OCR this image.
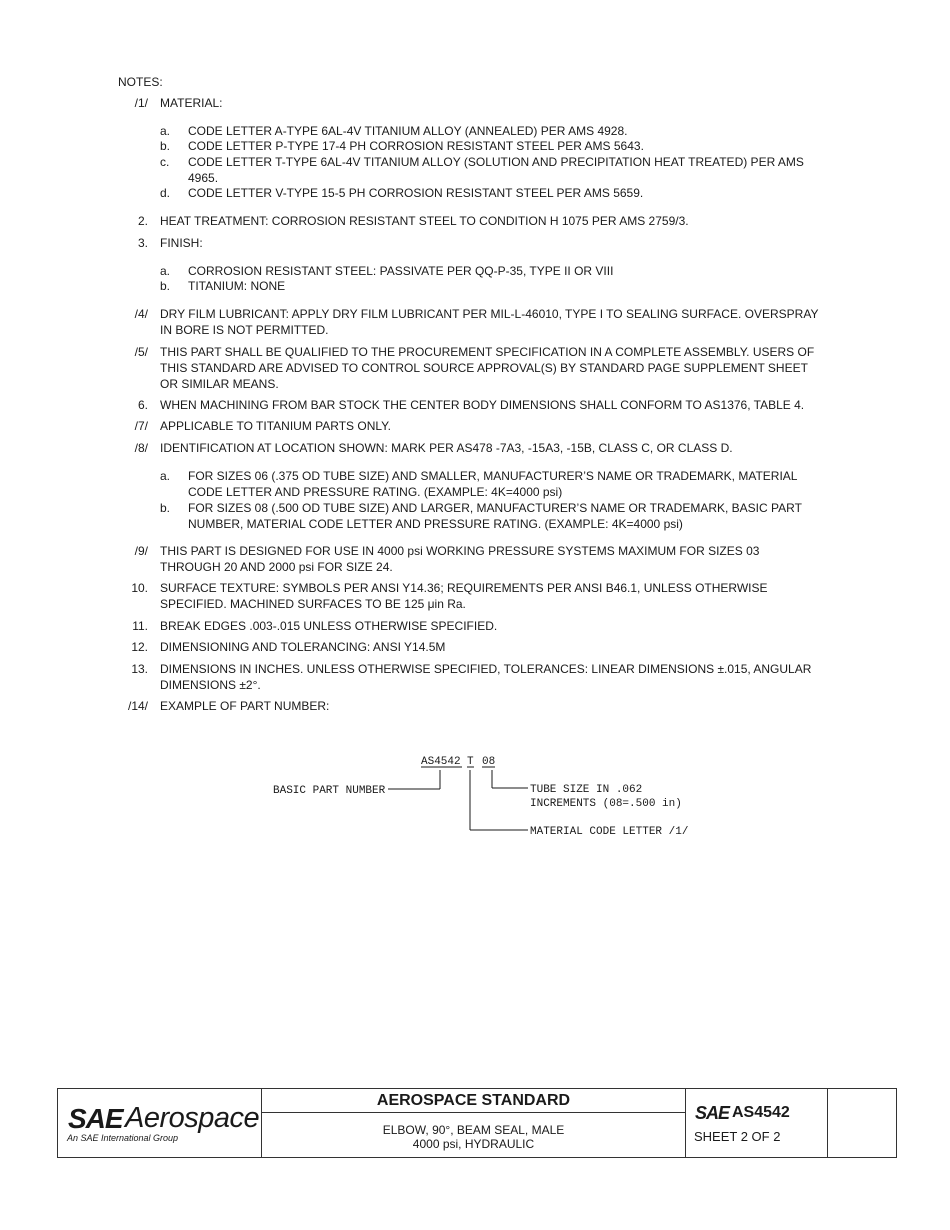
NOTES:
/1/ MATERIAL:
a. CODE LETTER A-TYPE 6AL-4V TITANIUM ALLOY (ANNEALED) PER AMS 4928.
b. CODE LETTER P-TYPE 17-4 PH CORROSION RESISTANT STEEL PER AMS 5643.
c. CODE LETTER T-TYPE 6AL-4V TITANIUM ALLOY (SOLUTION AND PRECIPITATION HEAT TREATED) PER AMS
4965.
d. CODE LETTER V-TYPE 15-5 PH CORROSION RESISTANT STEEL PER AMS 5659.
2. HEAT TREATMENT: CORROSION RESISTANT STEEL TO CONDITION H 1075 PER AMS 2759/3.
3. FINISH:
a. CORROSION RESISTANT STEEL: PASSIVATE PER QQ-P-35, TYPE II OR VIII
b. TITANIUM: NONE
/4/ DRY FILM LUBRICANT: APPLY DRY FILM LUBRICANT PER MIL-L-46010, TYPE I TO SEALING SURFACE. OVERSPRAY
IN BORE IS NOT PERMITTED.
/5/ THIS PART SHALL BE QUALIFIED TO THE PROCUREMENT SPECIFICATION IN A COMPLETE ASSEMBLY. USERS OF
THIS STANDARD ARE ADVISED TO CONTROL SOURCE APPROVAL(S) BY STANDARD PAGE SUPPLEMENT SHEET
OR SIMILAR MEANS.
6. WHEN MACHINING FROM BAR STOCK THE CENTER BODY DIMENSIONS SHALL CONFORM TO AS1376, TABLE 4.
/7/ APPLICABLE TO TITANIUM PARTS ONLY.
/8/ IDENTIFICATION AT LOCATION SHOWN: MARK PER AS478 -7A3, -15A3, -15B, CLASS C, OR CLASS D.
a. FOR SIZES 06 (.375 OD TUBE SIZE) AND SMALLER, MANUFACTURER’S NAME OR TRADEMARK, MATERIAL
CODE LETTER AND PRESSURE RATING. (EXAMPLE: 4K=4000 psi)
b. FOR SIZES 08 (.500 OD TUBE SIZE) AND LARGER, MANUFACTURER’S NAME OR TRADEMARK, BASIC PART
NUMBER, MATERIAL CODE LETTER AND PRESSURE RATING. (EXAMPLE: 4K=4000 psi)
/9/ THIS PART IS DESIGNED FOR USE IN 4000 psi WORKING PRESSURE SYSTEMS MAXIMUM FOR SIZES 03
THROUGH 20 AND 2000 psi FOR SIZE 24.
10. SURFACE TEXTURE: SYMBOLS PER ANSI Y14.36; REQUIREMENTS PER ANSI B46.1, UNLESS OTHERWISE
SPECIFIED. MACHINED SURFACES TO BE 125 μin Ra.
11. BREAK EDGES .003-.015 UNLESS OTHERWISE SPECIFIED.
12. DIMENSIONING AND TOLERANCING: ANSI Y14.5M
13. DIMENSIONS IN INCHES. UNLESS OTHERWISE SPECIFIED, TOLERANCES: LINEAR DIMENSIONS ±.015, ANGULAR
DIMENSIONS ±2°.
/14/ EXAMPLE OF PART NUMBER:
AS4542 T 08
BASIC PART NUMBER
MATERIAL CODE LETTER /1/
TUBE SIZE IN .062
INCREMENTS (08=.500 in)
SAE Aerospace
An SAE International Group
AEROSPACE STANDARD
ELBOW, 90°, BEAM SEAL, MALE
4000 psi, HYDRAULIC
SAE AS4542
SHEET 2 OF 2
